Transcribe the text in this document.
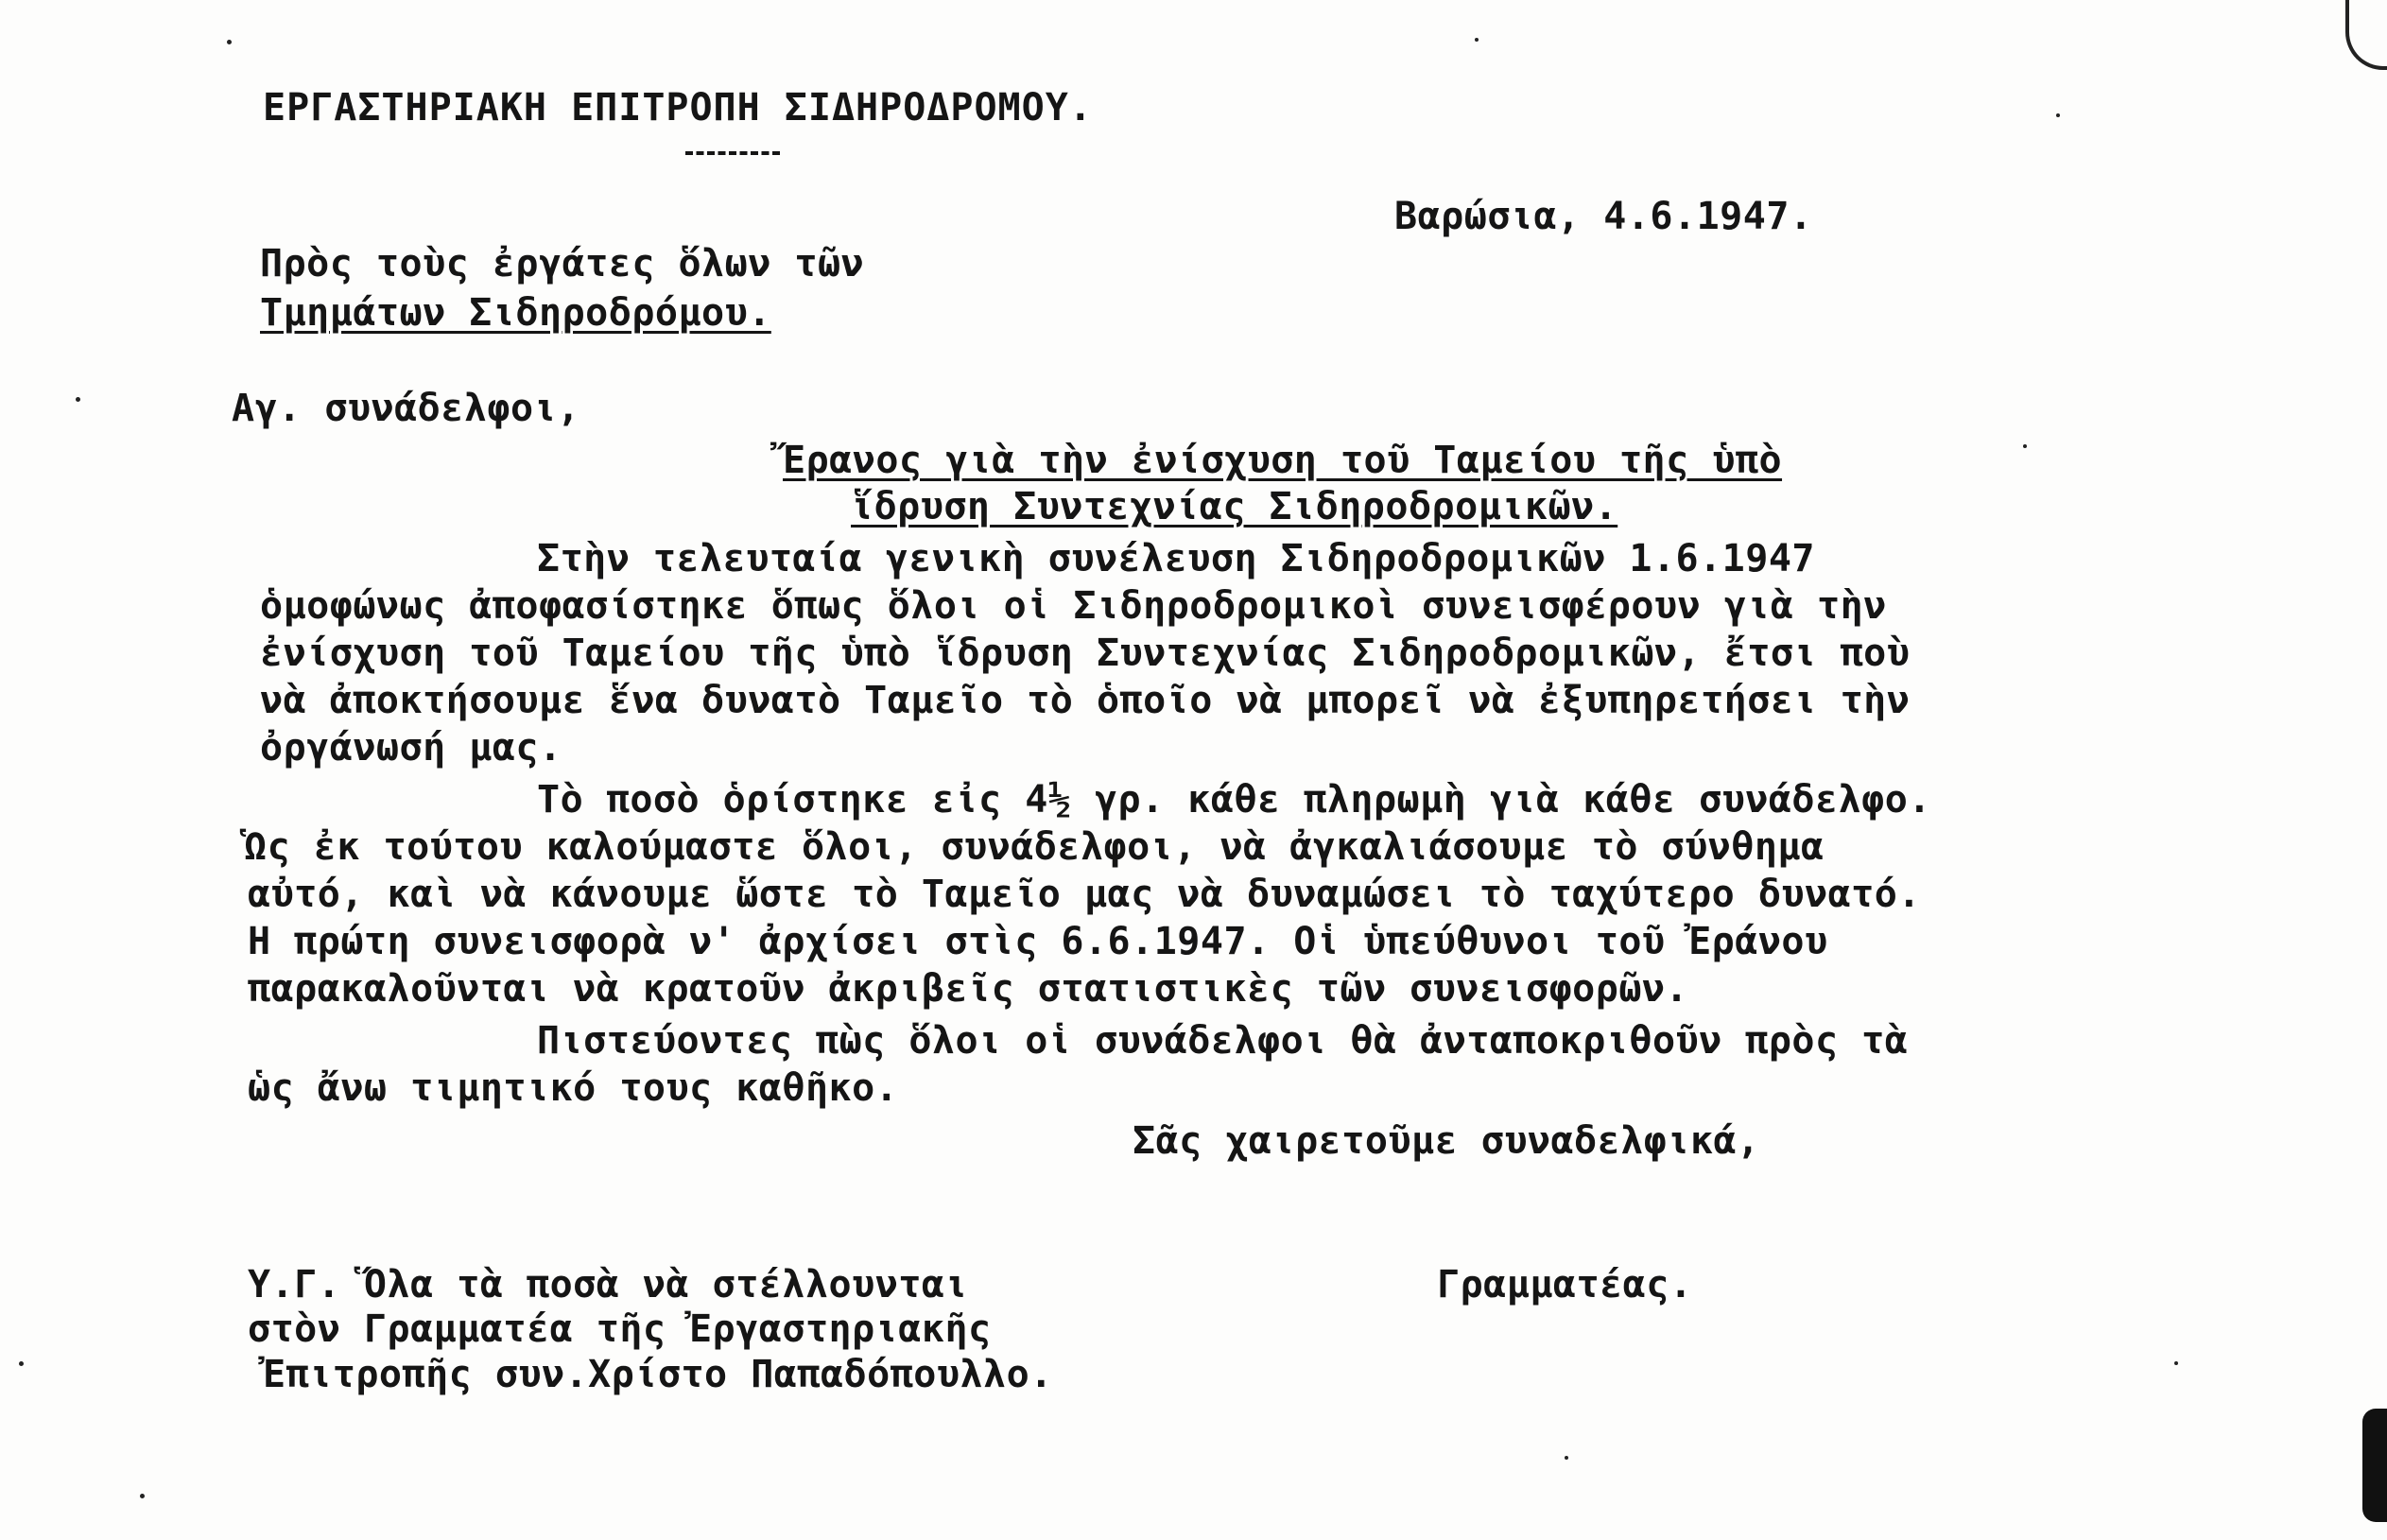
ΕΡΓΑΣΤΗΡΙΑΚΗ ΕΠΙΤΡΟΠΗ ΣΙΔΗΡΟΔΡΟΜΟΥ.
Βαρώσια, 4.6.1947.
Πρὸς τοὺς ἐργάτες ὅλων τῶν
Τμημάτων Σιδηροδρόμου.
Αγ. συνάδελφοι,
Ἔρανος γιὰ τὴν ἐνίσχυση τοῦ Ταμείου τῆς ὑπὸ
ἵδρυση Συντεχνίας Σιδηροδρομικῶν.
Στὴν τελευταία γενικὴ συνέλευση Σιδηροδρομικῶν 1.6.1947
ὁμοφώνως ἀποφασίστηκε ὅπως ὅλοι οἱ Σιδηροδρομικοὶ συνεισφέρουν γιὰ τὴν
ἐνίσχυση τοῦ Ταμείου τῆς ὑπὸ ἵδρυση Συντεχνίας Σιδηροδρομικῶν, ἔτσι ποὺ
νὰ ἀποκτήσουμε ἕνα δυνατὸ Ταμεῖο τὸ ὁποῖο νὰ μπορεῖ νὰ ἐξυπηρετήσει τὴν
ὀργάνωσή μας.
Τὸ ποσὸ ὁρίστηκε εἰς 4½ γρ. κάθε πληρωμὴ γιὰ κάθε συνάδελφο.
Ὡς ἐκ τούτου καλούμαστε ὅλοι, συνάδελφοι, νὰ ἀγκαλιάσουμε τὸ σύνθημα
αὐτό, καὶ νὰ κάνουμε ὥστε τὸ Ταμεῖο μας νὰ δυναμώσει τὸ ταχύτερο δυνατό.
Η πρώτη συνεισφορὰ ν' ἀρχίσει στὶς 6.6.1947. Οἱ ὑπεύθυνοι τοῦ Ἐράνου
παρακαλοῦνται νὰ κρατοῦν ἀκριβεῖς στατιστικὲς τῶν συνεισφορῶν.
Πιστεύοντες πὼς ὅλοι οἱ συνάδελφοι θὰ ἀνταποκριθοῦν πρὸς τὰ
ὡς ἄνω τιμητικό τους καθῆκο.
Σᾶς χαιρετοῦμε συναδελφικά,
Υ.Γ. Ὅλα τὰ ποσὰ νὰ στέλλουνται
στὸν Γραμματέα τῆς Ἐργαστηριακῆς
Ἐπιτροπῆς συν.Χρίστο Παπαδόπουλλο.
Γραμματέας.
